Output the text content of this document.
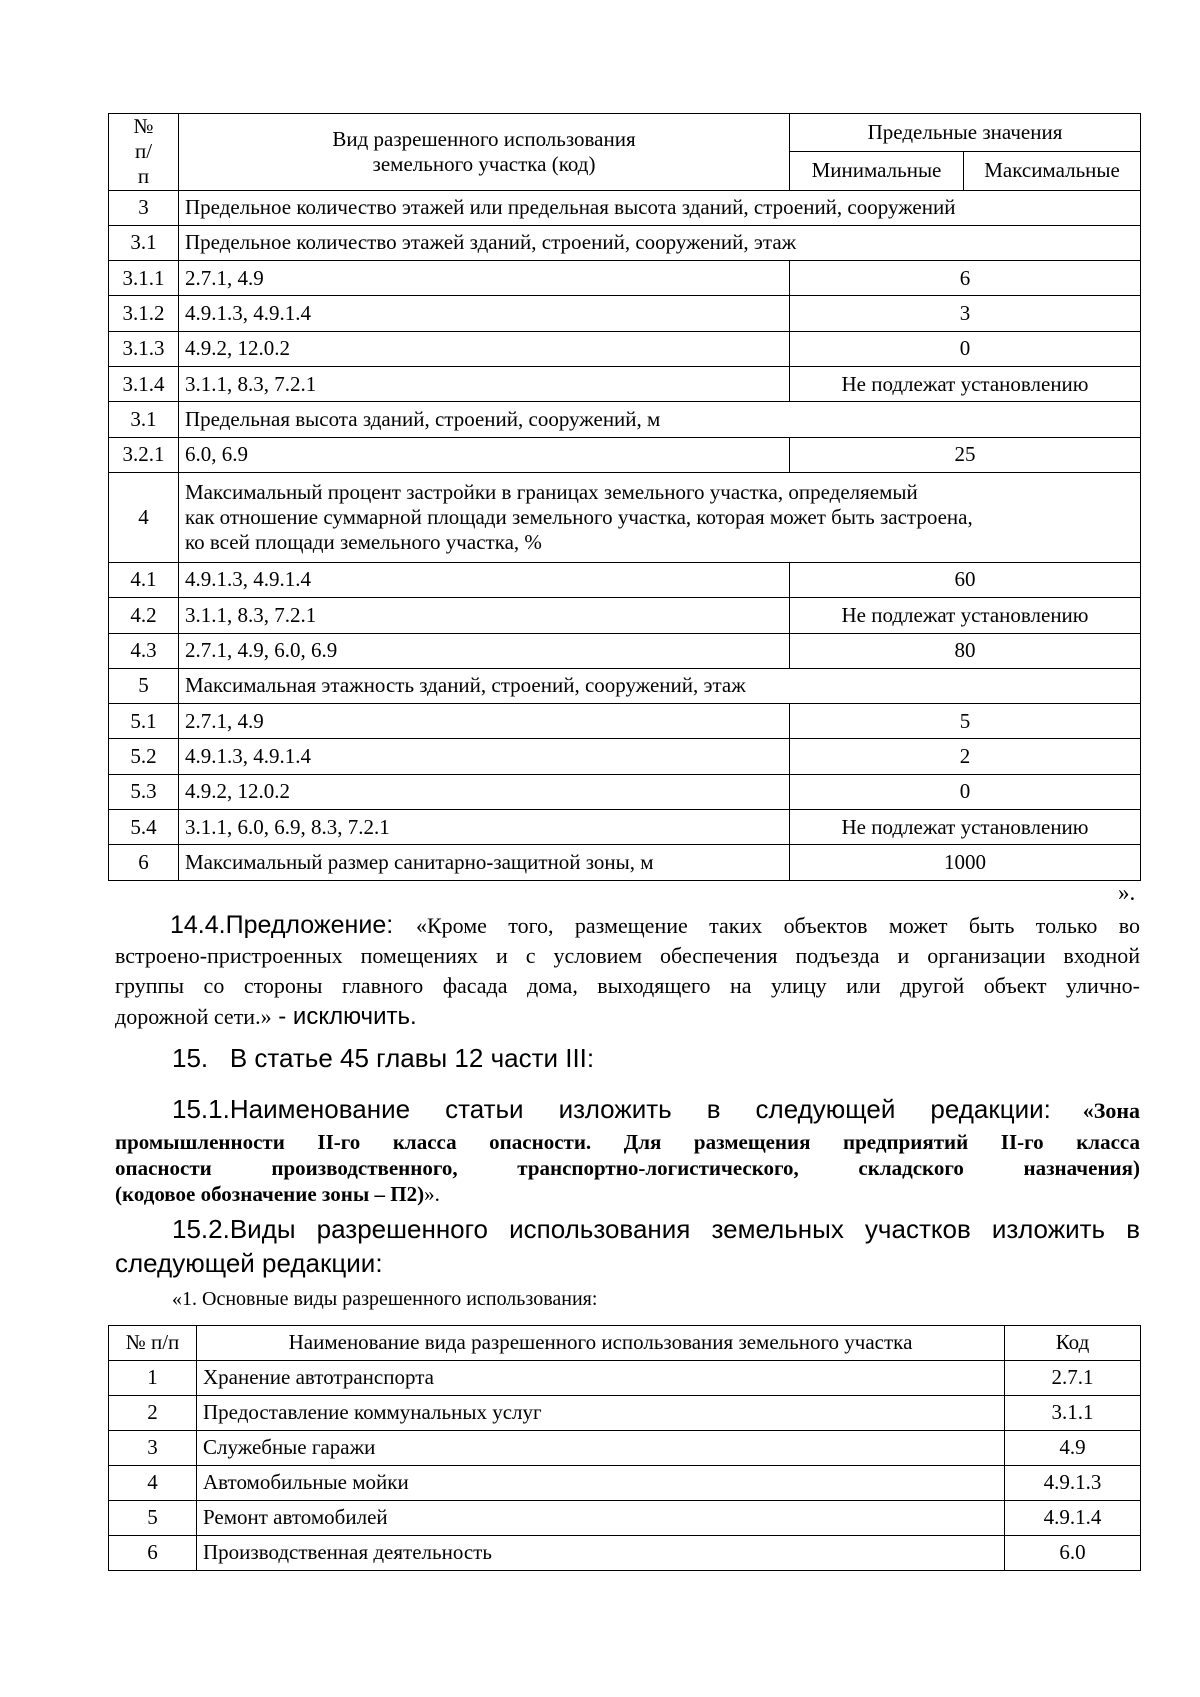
№ п/п	Вид разрешенного использования земельного участка (код)	Предельные значения	
		Минимальные	Максимальные
3	Предельное количество этажей или предельная высота зданий, строений, сооружений		
3.1	Предельное количество этажей зданий, строений, сооружений, этаж		
3.1.1	2.7.1, 4.9	6	
3.1.2	4.9.1.3, 4.9.1.4	3	
3.1.3	4.9.2, 12.0.2	0	
3.1.4	3.1.1, 8.3, 7.2.1	Не подлежат установлению	
3.1	Предельная высота зданий, строений, сооружений, м		
3.2.1	6.0, 6.9	25	
4	Максимальный процент застройки в границах земельного участка, определяемый
как отношение суммарной площади земельного участка, которая может быть застроена,
ко всей площади земельного участка, %		

4.1	4.9.1.3, 4.9.1.4	60	
4.2	3.1.1, 8.3, 7.2.1	Не подлежат установлению	
4.3	2.7.1, 4.9, 6.0, 6.9	80	
5	Максимальная этажность зданий, строений, сооружений, этаж		
5.1	2.7.1, 4.9	5	
5.2	4.9.1.3, 4.9.1.4	2	
5.3	4.9.2, 12.0.2	0	
5.4	3.1.1, 6.0, 6.9, 8.3, 7.2.1	Не подлежат установлению	
6	Максимальный размер санитарно-защитной зоны, м	1000	
».
14.4.Предложение: «Кроме того, размещение таких объектов может быть только во
встроено-пристроенных помещениях и с условием обеспечения подъезда и организации входной
группы со стороны главного фасада дома, выходящего на улицу или другой объект улично-
дорожной сети.» - исключить.
15.   В статье 45 главы 12 части III:
15.1.Наименование статьи изложить в следующей редакции: «Зона
промышленности II-го класса опасности. Для размещения предприятий II-го класса
опасности производственного, транспортно-логистического, складского назначения)
(кодовое обозначение зоны – П2)».
15.2.Виды разрешенного использования земельных участков изложить в
следующей редакции:
«1. Основные виды разрешенного использования:
№ п/п	Наименование вида разрешенного использования земельного участка	Код
1	Хранение автотранспорта	2.7.1
2	Предоставление коммунальных услуг	3.1.1
3	Служебные гаражи	4.9
4	Автомобильные мойки	4.9.1.3
5	Ремонт автомобилей	4.9.1.4
6	Производственная деятельность	6.0
